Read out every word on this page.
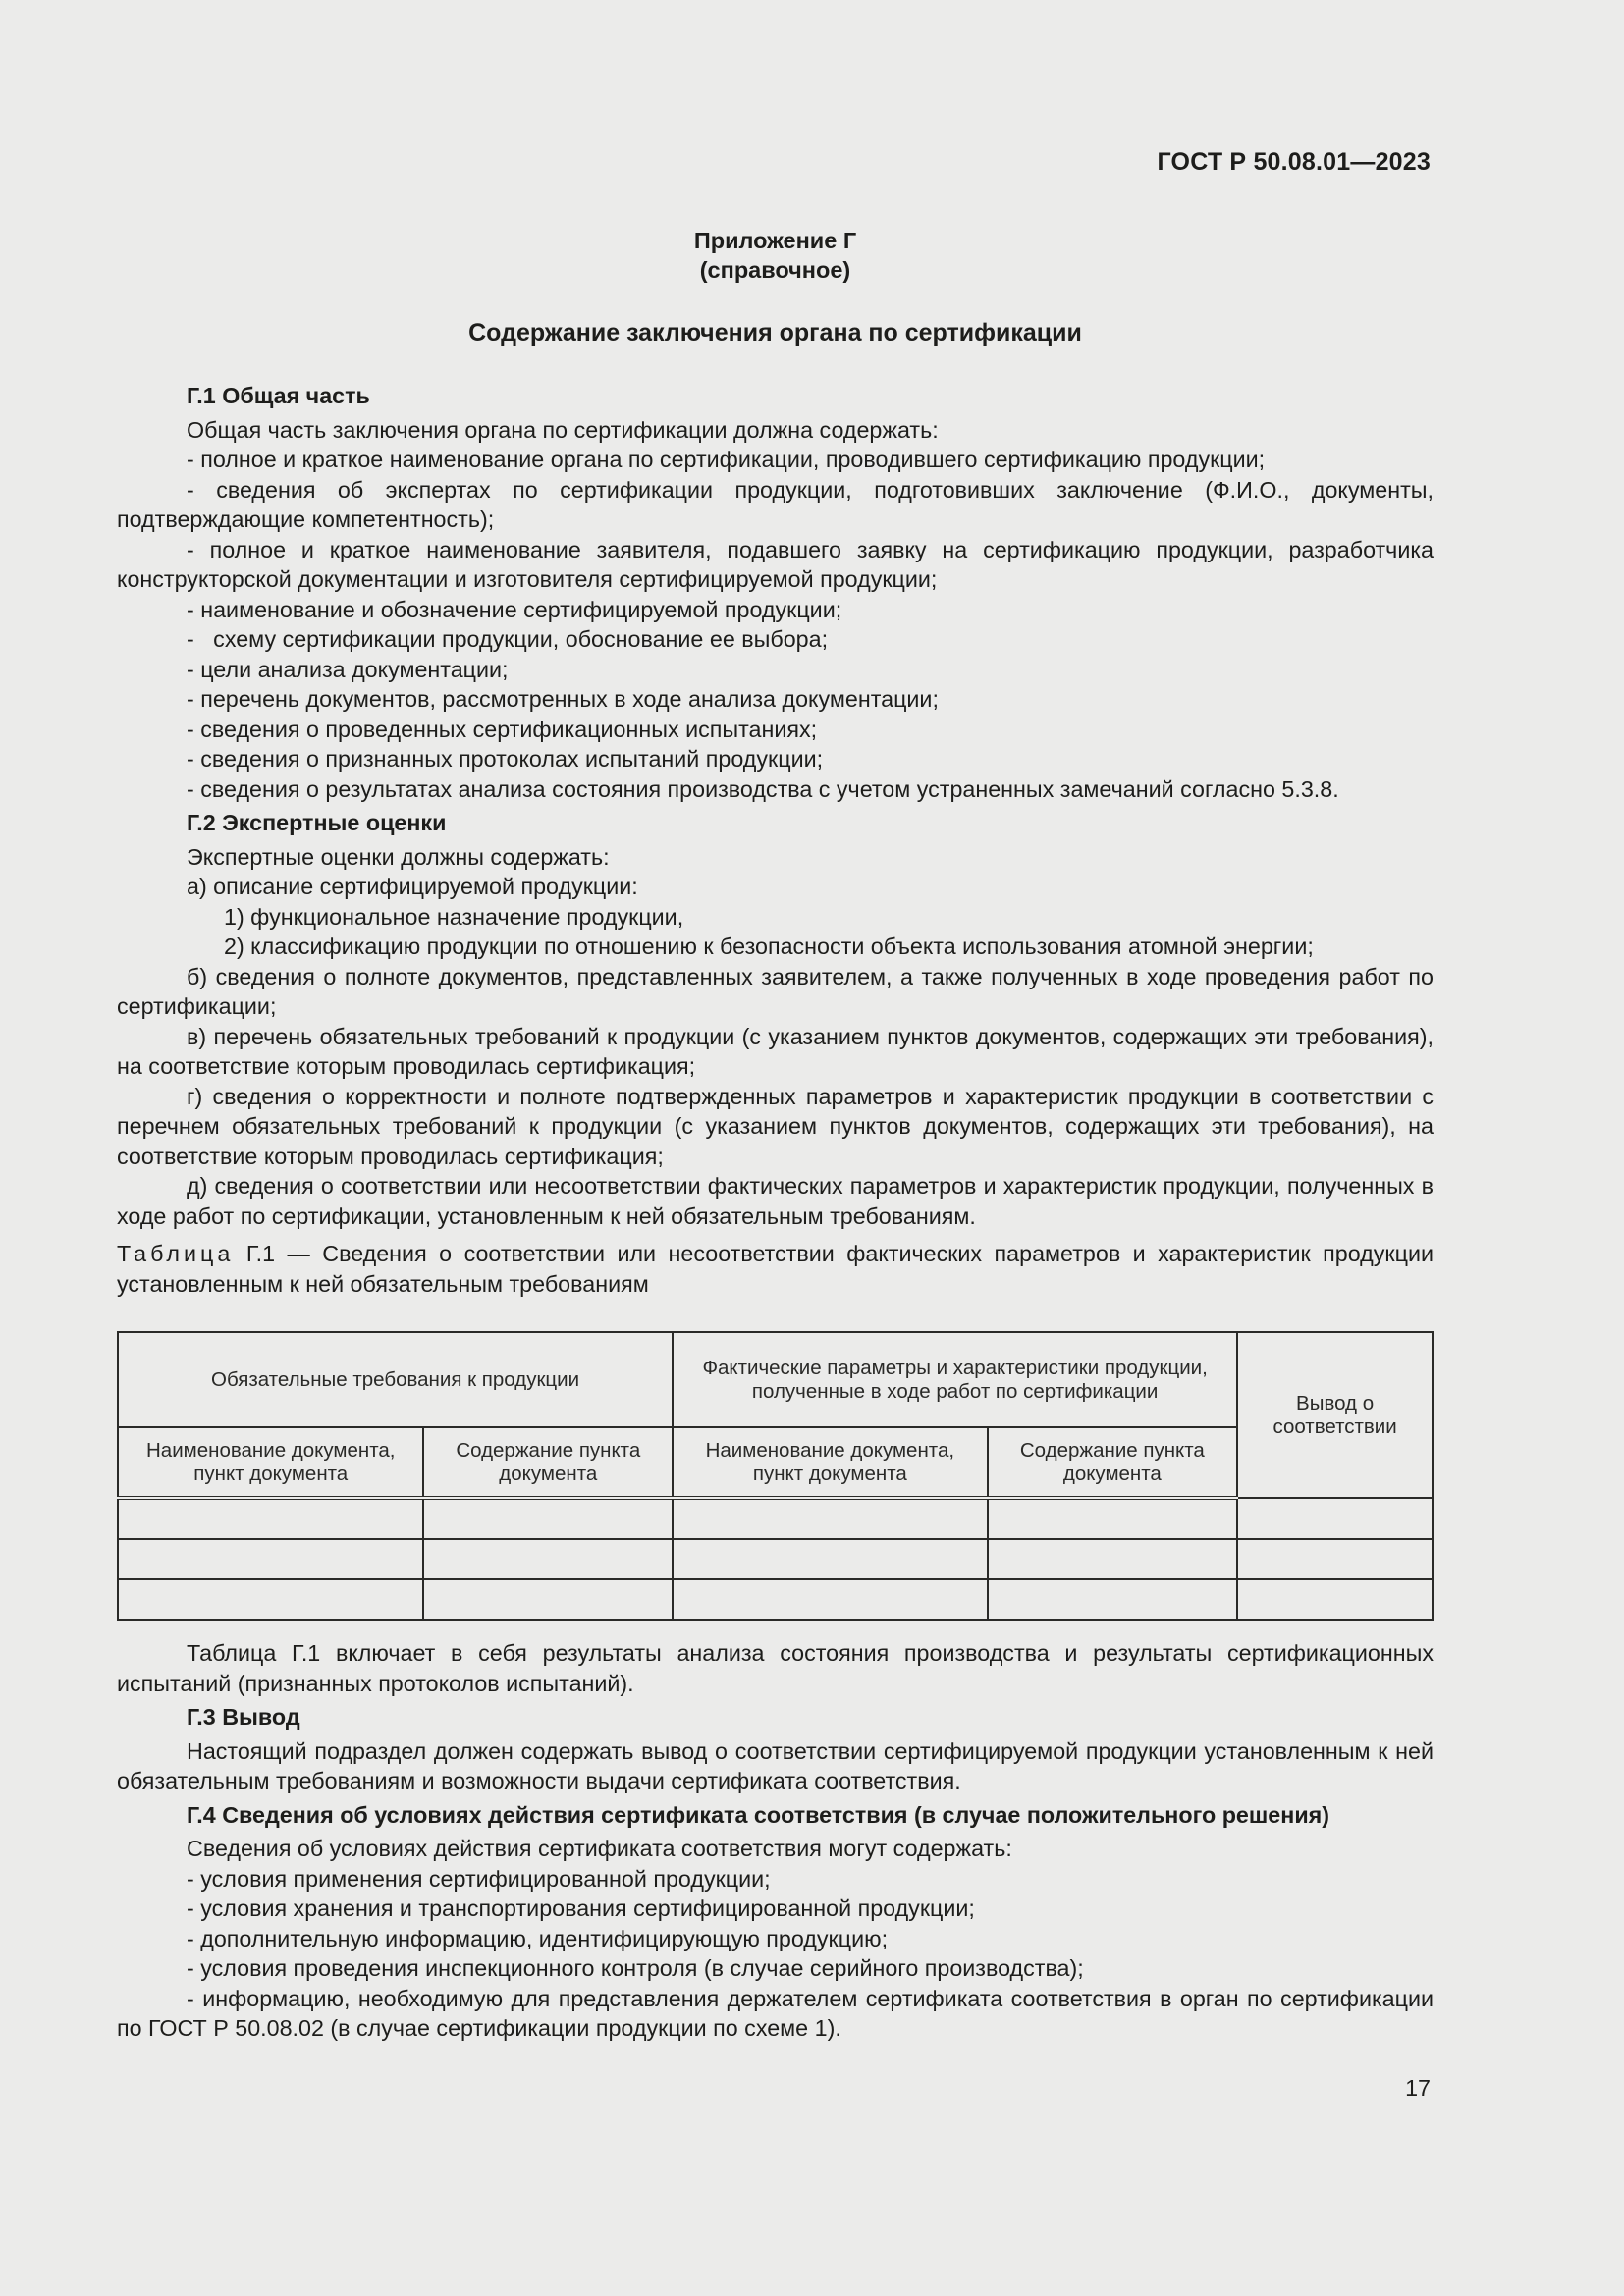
ГОСТ Р 50.08.01—2023
Приложение Г
(справочное)
Содержание заключения органа по сертификации

Г.1 Общая часть

Общая часть заключения органа по сертификации должна содержать:

- полное и краткое наименование органа по сертификации, проводившего сертификацию продукции;

- сведения об экспертах по сертификации продукции, подготовивших заключение (Ф.И.О., документы, подтверждающие компетентность);

- полное и краткое наименование заявителя, подавшего заявку на сертификацию продукции, разработчика конструкторской документации и изготовителя сертифицируемой продукции;

- наименование и обозначение сертифицируемой продукции;

-   схему сертификации продукции, обоснование ее выбора;

- цели анализа документации;

- перечень документов, рассмотренных в ходе анализа документации;

- сведения о проведенных сертификационных испытаниях;

- сведения о признанных протоколах испытаний продукции;

- сведения о результатах анализа состояния производства с учетом устраненных замечаний согласно 5.3.8.

Г.2 Экспертные оценки

Экспертные оценки должны содержать:

а) описание сертифицируемой продукции:

1) функциональное назначение продукции,

2) классификацию продукции по отношению к безопасности объекта использования атомной энергии;

б) сведения о полноте документов, представленных заявителем, а также полученных в ходе проведения работ по сертификации;

в) перечень обязательных требований к продукции (с указанием пунктов документов, содержащих эти требования), на соответствие которым проводилась сертификация;

г) сведения о корректности и полноте подтвержденных параметров и характеристик продукции в соответствии с перечнем обязательных требований к продукции (с указанием пунктов документов, содержащих эти требования), на соответствие которым проводилась сертификация;

д) сведения о соответствии или несоответствии фактических параметров и характеристик продукции, полученных в ходе работ по сертификации, установленным к ней обязательным требованиям.

Таблица Г.1 — Сведения о соответствии или несоответствии фактических параметров и характеристик продукции установленным к ней обязательным требованиям

Обязательные требования к продукции		Фактические параметры и характеристики продукции, полученные в ходе работ по сертификации		Вывод о соответствии
Наименование документа, пункт документа	Содержание пункта документа	Наименование документа, пункт документа	Содержание пункта документа	

Таблица Г.1 включает в себя результаты анализа состояния производства и результаты сертификационных испытаний (признанных протоколов испытаний).

Г.3 Вывод

Настоящий подраздел должен содержать вывод о соответствии сертифицируемой продукции установленным к ней обязательным требованиям и возможности выдачи сертификата соответствия.

Г.4 Сведения об условиях действия сертификата соответствия (в случае положительного решения)

Сведения об условиях действия сертификата соответствия могут содержать:

- условия применения сертифицированной продукции;

- условия хранения и транспортирования сертифицированной продукции;

- дополнительную информацию, идентифицирующую продукцию;

- условия проведения инспекционного контроля (в случае серийного производства);

- информацию, необходимую для представления держателем сертификата соответствия в орган по сертификации по ГОСТ Р 50.08.02 (в случае сертификации продукции по схеме 1).

17
